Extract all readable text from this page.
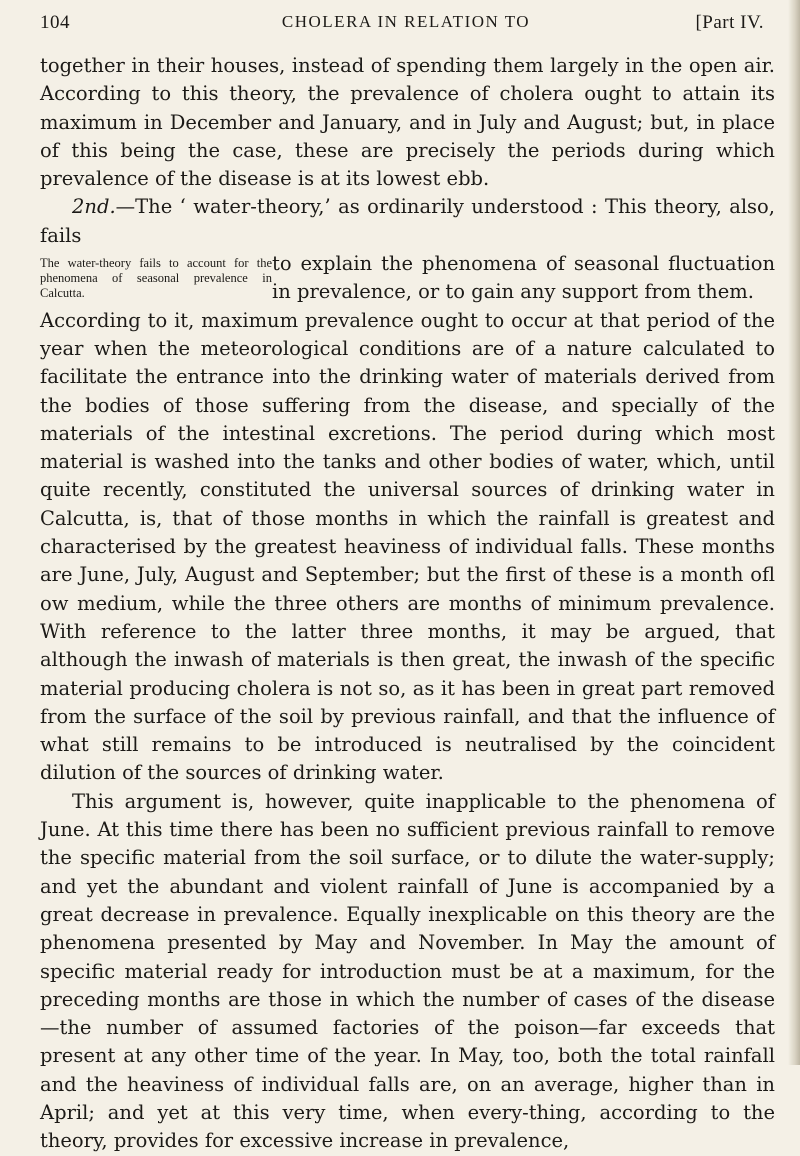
104	CHOLERA IN RELATION TO	[Part IV.

together in their houses, instead of spending them largely in the open air. According to this theory, the prevalence of cholera ought to attain its maximum in December and January, and in July and August; but, in place of this being the case, these are precisely the periods during which prevalence of the disease is at its lowest ebb.

2nd.—The ‘ water-theory,’ as ordinarily understood : This theory, also, fails

The water-theory fails to account for the phenomena of seasonal prevalence in Calcutta.
to explain the phenomena of seasonal fluctuation in prevalence, or to gain any support from them.

According to it, maximum prevalence ought to occur at that period of the year when the meteorological conditions are of a nature calculated to facilitate the entrance into the drinking water of materials derived from the bodies of those suffering from the disease, and specially of the materials of the intestinal excretions. The period during which most material is washed into the tanks and other bodies of water, which, until quite recently, constituted the universal sources of drinking water in Calcutta, is, that of those months in which the rainfall is greatest and characterised by the greatest heaviness of individual falls. These months are June, July, August and September; but the first of these is a month ofl ow medium, while the three others are months of minimum prevalence. With reference to the latter three months, it may be argued, that although the inwash of materials is then great, the inwash of the specific material producing cholera is not so, as it has been in great part removed from the surface of the soil by previous rainfall, and that the influence of what still remains to be introduced is neutralised by the coincident dilution of the sources of drinking water.

This argument is, however, quite inapplicable to the phenomena of June. At this time there has been no sufficient previous rainfall to remove the specific material from the soil surface, or to dilute the water-supply; and yet the abundant and violent rainfall of June is accompanied by a great decrease in prevalence. Equally inexplicable on this theory are the phenomena presented by May and November. In May the amount of specific material ready for introduction must be at a maximum, for the preceding months are those in which the number of cases of the disease—the number of assumed factories of the poison—far exceeds that present at any other time of the year. In May, too, both the total rainfall and the heaviness of individual falls are, on an average, higher than in April; and yet at this very time, when every-thing, according to the theory, provides for excessive increase in prevalence,
